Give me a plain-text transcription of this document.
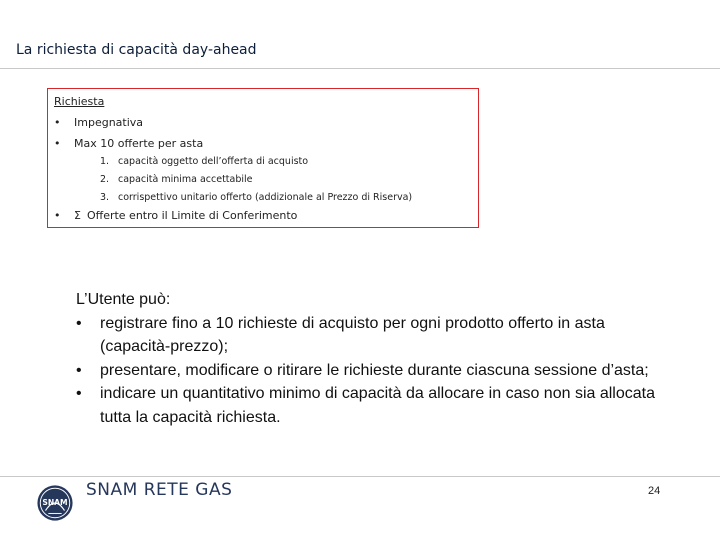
La richiesta di capacità day-ahead
Richiesta
• Impegnativa
• Max 10 offerte per asta
1. capacità oggetto dell’offerta di acquisto
2. capacità minima accettabile
3. corrispettivo unitario offerto (addizionale al Prezzo di Riserva)
• Σ Offerte entro il Limite di Conferimento
L’Utente può:
• registrare fino a 10 richieste di acquisto per ogni prodotto offerto in asta (capacità-prezzo);
• presentare, modificare o ritirare le richieste durante ciascuna sessione d’asta;
• indicare un quantitativo minimo di capacità da allocare in caso non sia allocata tutta la capacità richiesta.
SNAM
SNAM RETE GAS	24
